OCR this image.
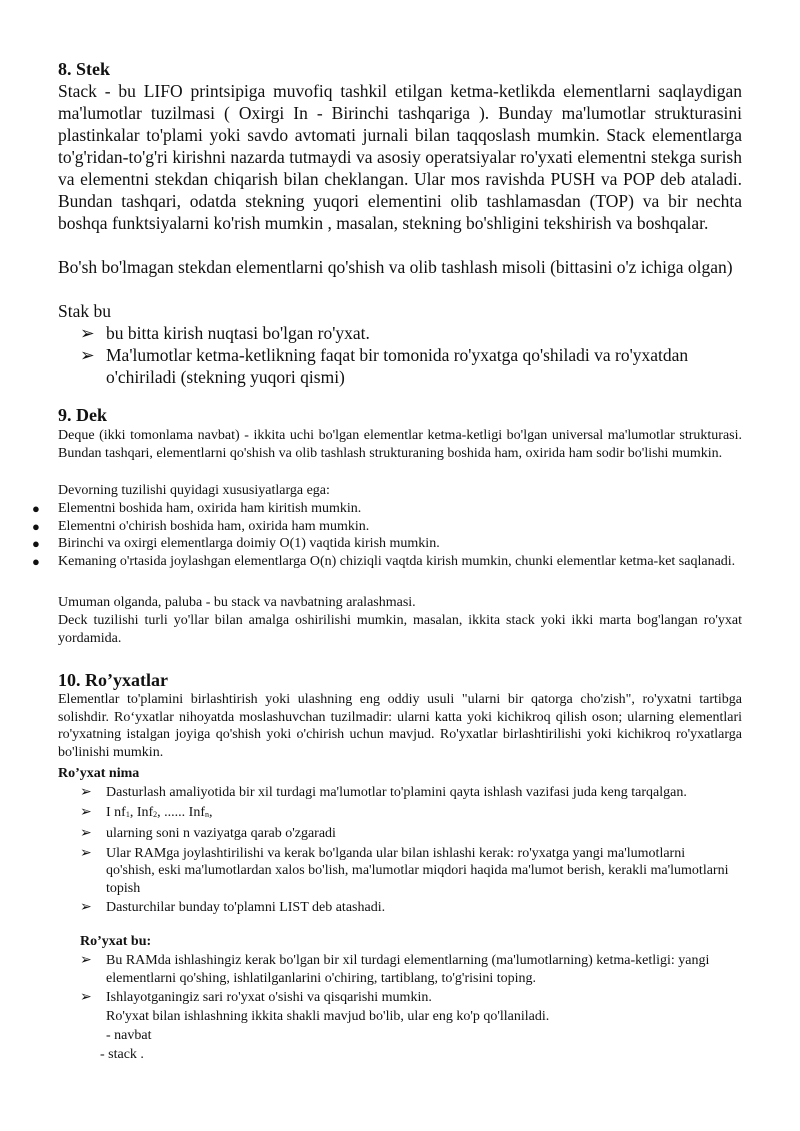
8. Stek

Stack - bu LIFO printsipiga muvofiq tashkil etilgan ketma-ketlikda elementlarni saqlaydigan ma'lumotlar tuzilmasi ( Oxirgi In - Birinchi tashqariga ). Bunday ma'lumotlar strukturasini plastinkalar to'plami yoki savdo avtomati jurnali bilan taqqoslash mumkin. Stack elementlarga to'g'ridan-to'g'ri kirishni nazarda tutmaydi va asosiy operatsiyalar ro'yxati elementni stekga surish va elementni stekdan chiqarish bilan cheklangan. Ular mos ravishda PUSH va POP deb ataladi. Bundan tashqari, odatda stekning yuqori elementini olib tashlamasdan (TOP) va bir nechta boshqa funktsiyalarni ko'rish mumkin , masalan, stekning bo'shligini tekshirish va boshqalar.

Bo'sh bo'lmagan stekdan elementlarni qo'shish va olib tashlash misoli (bittasini o'z ichiga olgan)

Stak bu

➢ bu bitta kirish nuqtasi bo'lgan ro'yxat.
➢ Ma'lumotlar ketma-ketlikning faqat bir tomonida ro'yxatga qo'shiladi va ro'yxatdan o'chiriladi (stekning yuqori qismi)
9. Dek

Deque (ikki tomonlama navbat) - ikkita uchi bo'lgan elementlar ketma-ketligi bo'lgan universal ma'lumotlar strukturasi. Bundan tashqari, elementlarni qo'shish va olib tashlash strukturaning boshida ham, oxirida ham sodir bo'lishi mumkin.

Devorning tuzilishi quyidagi xususiyatlarga ega:

● Elementni boshida ham, oxirida ham kiritish mumkin.
● Elementni o'chirish boshida ham, oxirida ham mumkin.
● Birinchi va oxirgi elementlarga doimiy O(1) vaqtida kirish mumkin.
● Kemaning o'rtasida joylashgan elementlarga O(n) chiziqli vaqtda kirish mumkin, chunki elementlar ketma-ket saqlanadi.

Umuman olganda, paluba - bu stack va navbatning aralashmasi.

Deck tuzilishi turli yo'llar bilan amalga oshirilishi mumkin, masalan, ikkita stack yoki ikki marta bog'langan ro'yxat yordamida.

10. Ro’yxatlar

Elementlar to'plamini birlashtirish yoki ulashning eng oddiy usuli "ularni bir qatorga cho'zish", ro'yxatni tartibga solishdir. Ro‘yxatlar nihoyatda moslashuvchan tuzilmadir: ularni katta yoki kichikroq qilish oson; ularning elementlari ro'yxatning istalgan joyiga qo'shish yoki o'chirish uchun mavjud. Ro'yxatlar birlashtirilishi yoki kichikroq ro'yxatlarga bo'linishi mumkin.

Ro’yxat nima

➢ Dasturlash amaliyotida bir xil turdagi ma'lumotlar to'plamini qayta ishlash vazifasi juda keng tarqalgan.
➢ I nf1, Inf2, ...... Infn,
➢ ularning soni n vaziyatga qarab o'zgaradi
➢ Ular RAMga joylashtirilishi va kerak bo'lganda ular bilan ishlashi kerak: ro'yxatga yangi ma'lumotlarni qo'shish, eski ma'lumotlardan xalos bo'lish, ma'lumotlar miqdori haqida ma'lumot berish, kerakli ma'lumotlarni topish
➢ Dasturchilar bunday to'plamni LIST deb atashadi.

Ro’yxat bu:

➢ Bu RAMda ishlashingiz kerak bo'lgan bir xil turdagi elementlarning (ma'lumotlarning) ketma-ketligi: yangi elementlarni qo'shing, ishlatilganlarini o'chiring, tartiblang, to'g'risini toping.
➢ Ishlayotganingiz sari ro'yxat o'sishi va qisqarishi mumkin.

Ro'yxat bilan ishlashning ikkita shakli mavjud bo'lib, ular eng ko'p qo'llaniladi.

- navbat

- stack .
